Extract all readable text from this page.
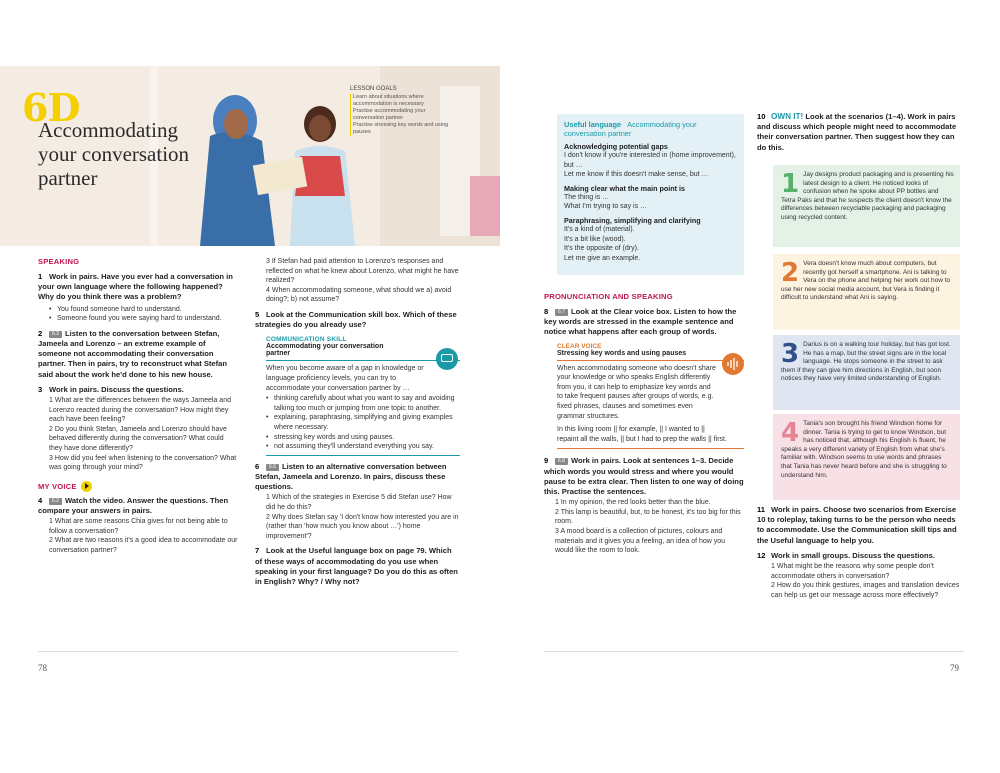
6D
Accommodating your conversation partner
LESSON GOALS
Learn about situations where accommodation is necessary
Practise accommodating your conversation partner
Practise stressing key words and using pauses
SPEAKING
1 Work in pairs. Have you ever had a conversation in your own language where the following happened? Why do you think there was a problem?
• You found someone hard to understand.
• Someone found you were saying hard to understand.
2 6.3 Listen to the conversation between Stefan, Jameela and Lorenzo – an extreme example of someone not accommodating their conversation partner. Then in pairs, try to reconstruct what Stefan said about the work he'd done to his new house.
3 Work in pairs. Discuss the questions.
1 What are the differences between the ways Jameela and Lorenzo reacted during the conversation? How might they each have been feeling?
2 Do you think Stefan, Jameela and Lorenzo should have behaved differently during the conversation? What could they have done differently?
3 How did you feel when listening to the conversation? What was going through your mind?
MY VOICE
4 6.2 Watch the video. Answer the questions. Then compare your answers in pairs.
1 What are some reasons Chia gives for not being able to follow a conversation?
2 What are two reasons it's a good idea to accommodate our conversation partner?
3 If Stefan had paid attention to Lorenzo's responses and reflected on what he knew about Lorenzo, what might he have realized?
4 When accommodating someone, what should we a) avoid doing?; b) not assume?
5 Look at the Communication skill box. Which of these strategies do you already use?
COMMUNICATION SKILL
Accommodating your conversation partner
When you become aware of a gap in knowledge or language proficiency levels, you can try to accommodate your conversation partner by …
• thinking carefully about what you want to say and avoiding talking too much or jumping from one topic to another.
• explaining, paraphrasing, simplifying and giving examples where necessary.
• stressing key words and using pauses.
• not assuming they'll understand everything you say.
6 6.6 Listen to an alternative conversation between Stefan, Jameela and Lorenzo. In pairs, discuss these questions.
1 Which of the strategies in Exercise 5 did Stefan use? How did he do this?
2 Why does Stefan say 'I don't know how interested you are in (rather than 'how much you know about …') home improvement'?
7 Look at the Useful language box on page 79. Which of these ways of accommodating do you use when speaking in your first language? Do you do this as often in English? Why? / Why not?
78
Useful language Accommodating your conversation partner
Acknowledging potential gaps
I don't know if you're interested in (home improvement), but …
Let me know if this doesn't make sense, but …
Making clear what the main point is
The thing is …
What I'm trying to say is …
Paraphrasing, simplifying and clarifying
It's a kind of (material).
It's a bit like (wood).
It's the opposite of (dry).
Let me give an example.
PRONUNCIATION AND SPEAKING
8 6.7 Look at the Clear voice box. Listen to how the key words are stressed in the example sentence and notice what happens after each group of words.
CLEAR VOICE
Stressing key words and using pauses
When accommodating someone who doesn't share your knowledge or who speaks English differently from you, it can help to emphasize key words and to take frequent pauses after groups of words, e.g. fixed phrases, clauses and sometimes even grammar structures.
In this living room || for example, || I wanted to || repaint all the walls, || but I had to prep the walls || first.
9 6.8 Work in pairs. Look at sentences 1–3. Decide which words you would stress and where you would pause to be extra clear. Then listen to one way of doing this. Practise the sentences.
1 In my opinion, the red looks better than the blue.
2 This lamp is beautiful, but, to be honest, it's too big for this room.
3 A mood board is a collection of pictures, colours and materials and it gives you a feeling, an idea of how you would like the room to look.
10 OWN IT! Look at the scenarios (1–4). Work in pairs and discuss which people might need to accommodate their conversation partner. Then suggest how they can do this.
1 Jay designs product packaging and is presenting his latest design to a client. He noticed looks of confusion when he spoke about PP bottles and Tetra Paks and that he suspects the client doesn't know the differences between recyclable packaging and packaging using recycled content.
2 Vera doesn't know much about computers, but recently got herself a smartphone. Ani is talking to Vera on the phone and helping her work out how to use her new social media account, but Vera is finding it difficult to understand what Ani is saying.
3 Darius is on a walking tour holiday, but has got lost. He has a map, but the street signs are in the local language. He stops someone in the street to ask them if they can give him directions in English, but soon notices they have very limited understanding of English.
4 Tania's son brought his friend Windson home for dinner. Tania is trying to get to know Windson, but has noticed that, although his English is fluent, he speaks a very different variety of English from what she's familiar with. Windson seems to use words and phrases that Tania has never heard before and she is struggling to understand him.
11 Work in pairs. Choose two scenarios from Exercise 10 to roleplay, taking turns to be the person who needs to accommodate. Use the Communication skill tips and the Useful language to help you.
12 Work in small groups. Discuss the questions.
1 What might be the reasons why some people don't accommodate others in conversation?
2 How do you think gestures, images and translation devices can help us get our message across more effectively?
79
